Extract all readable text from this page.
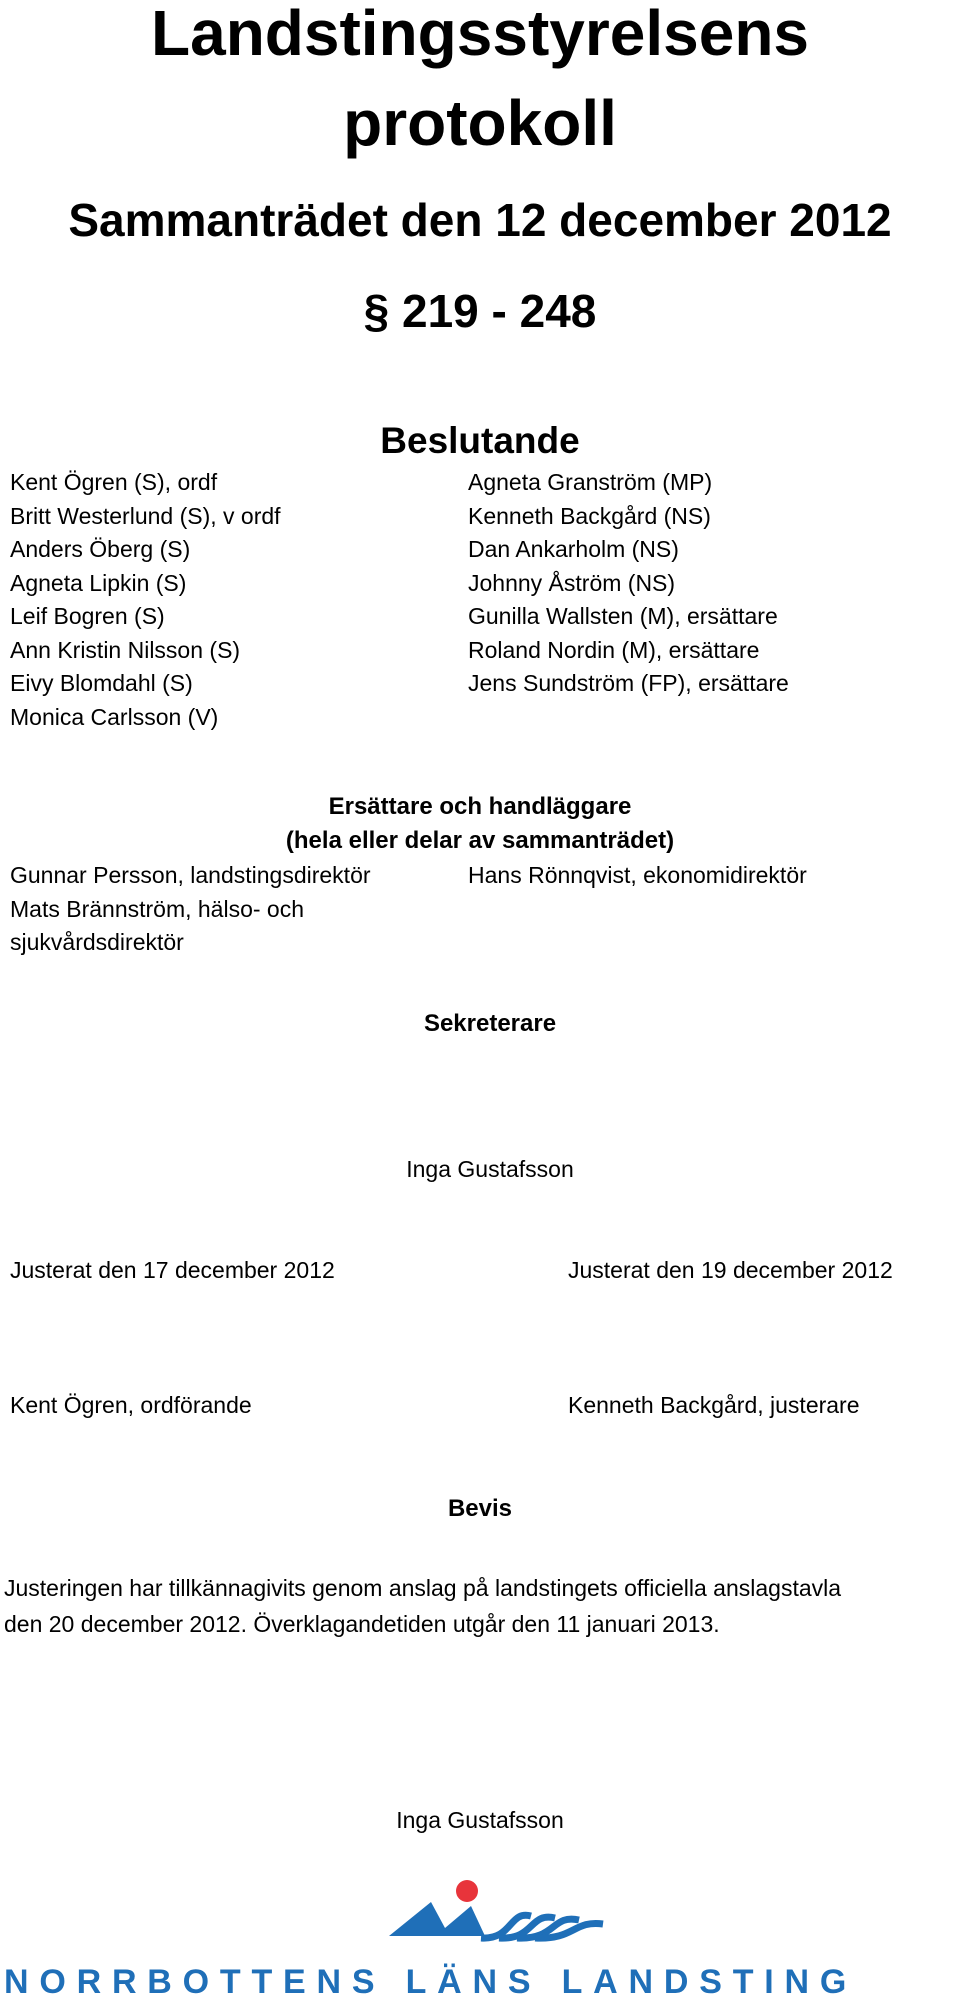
Landstingsstyrelsens
protokoll
Sammanträdet den 12 december 2012
§ 219 - 248
Beslutande
Kent Ögren (S), ordf
Britt Westerlund (S), v ordf
Anders Öberg (S)
Agneta Lipkin (S)
Leif Bogren (S)
Ann Kristin Nilsson (S)
Eivy Blomdahl (S)
Monica Carlsson (V)
Agneta Granström (MP)
Kenneth Backgård (NS)
Dan Ankarholm (NS)
Johnny Åström (NS)
Gunilla Wallsten (M), ersättare
Roland Nordin (M), ersättare
Jens Sundström (FP), ersättare
Ersättare och handläggare
(hela eller delar av sammanträdet)
Gunnar Persson, landstingsdirektör
Mats Brännström, hälso- och
sjukvårdsdirektör
Hans Rönnqvist, ekonomidirektör
Sekreterare
Inga Gustafsson
Justerat den 17 december 2012	Justerat den 19 december 2012
Kent Ögren, ordförande	Kenneth Backgård, justerare
Bevis
Justeringen har tillkännagivits genom anslag på landstingets officiella anslagstavla
den 20 december 2012. Överklagandetiden utgår den 11 januari 2013.
Inga Gustafsson
NORRBOTTENS LÄNS LANDSTING
